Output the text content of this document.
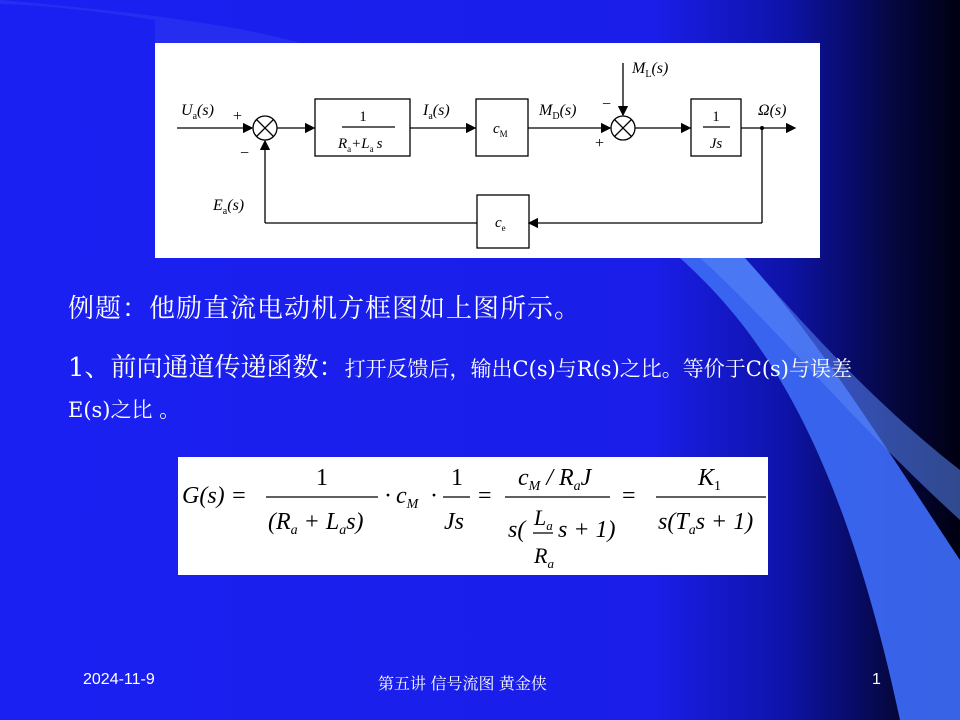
$U_a(s)$ +
−
1
$R_a+L_a$ s
$I_a(s)$
$c_M$
$M_D(s)$
$M_L(s)$
−
+
1
Js
Ω(s)
$E_a(s)$
$c_e$
例题：他励直流电动机方框图如上图所示。
1、前向通道传递函数：打开反馈后，输出C(s)与R(s)之比。等价于C(s)与误差E(s)之比 。
G(s) =
1
$(R_a + L_as)$
· $c_M$ ·
1
Js
=
$c_M / R_aJ$
s( $L_a$
$R_a$
s + 1)
=
$K_1$
$s(T_as + 1)$
2024-11-9	第五讲 信号流图 黄金侠	1
